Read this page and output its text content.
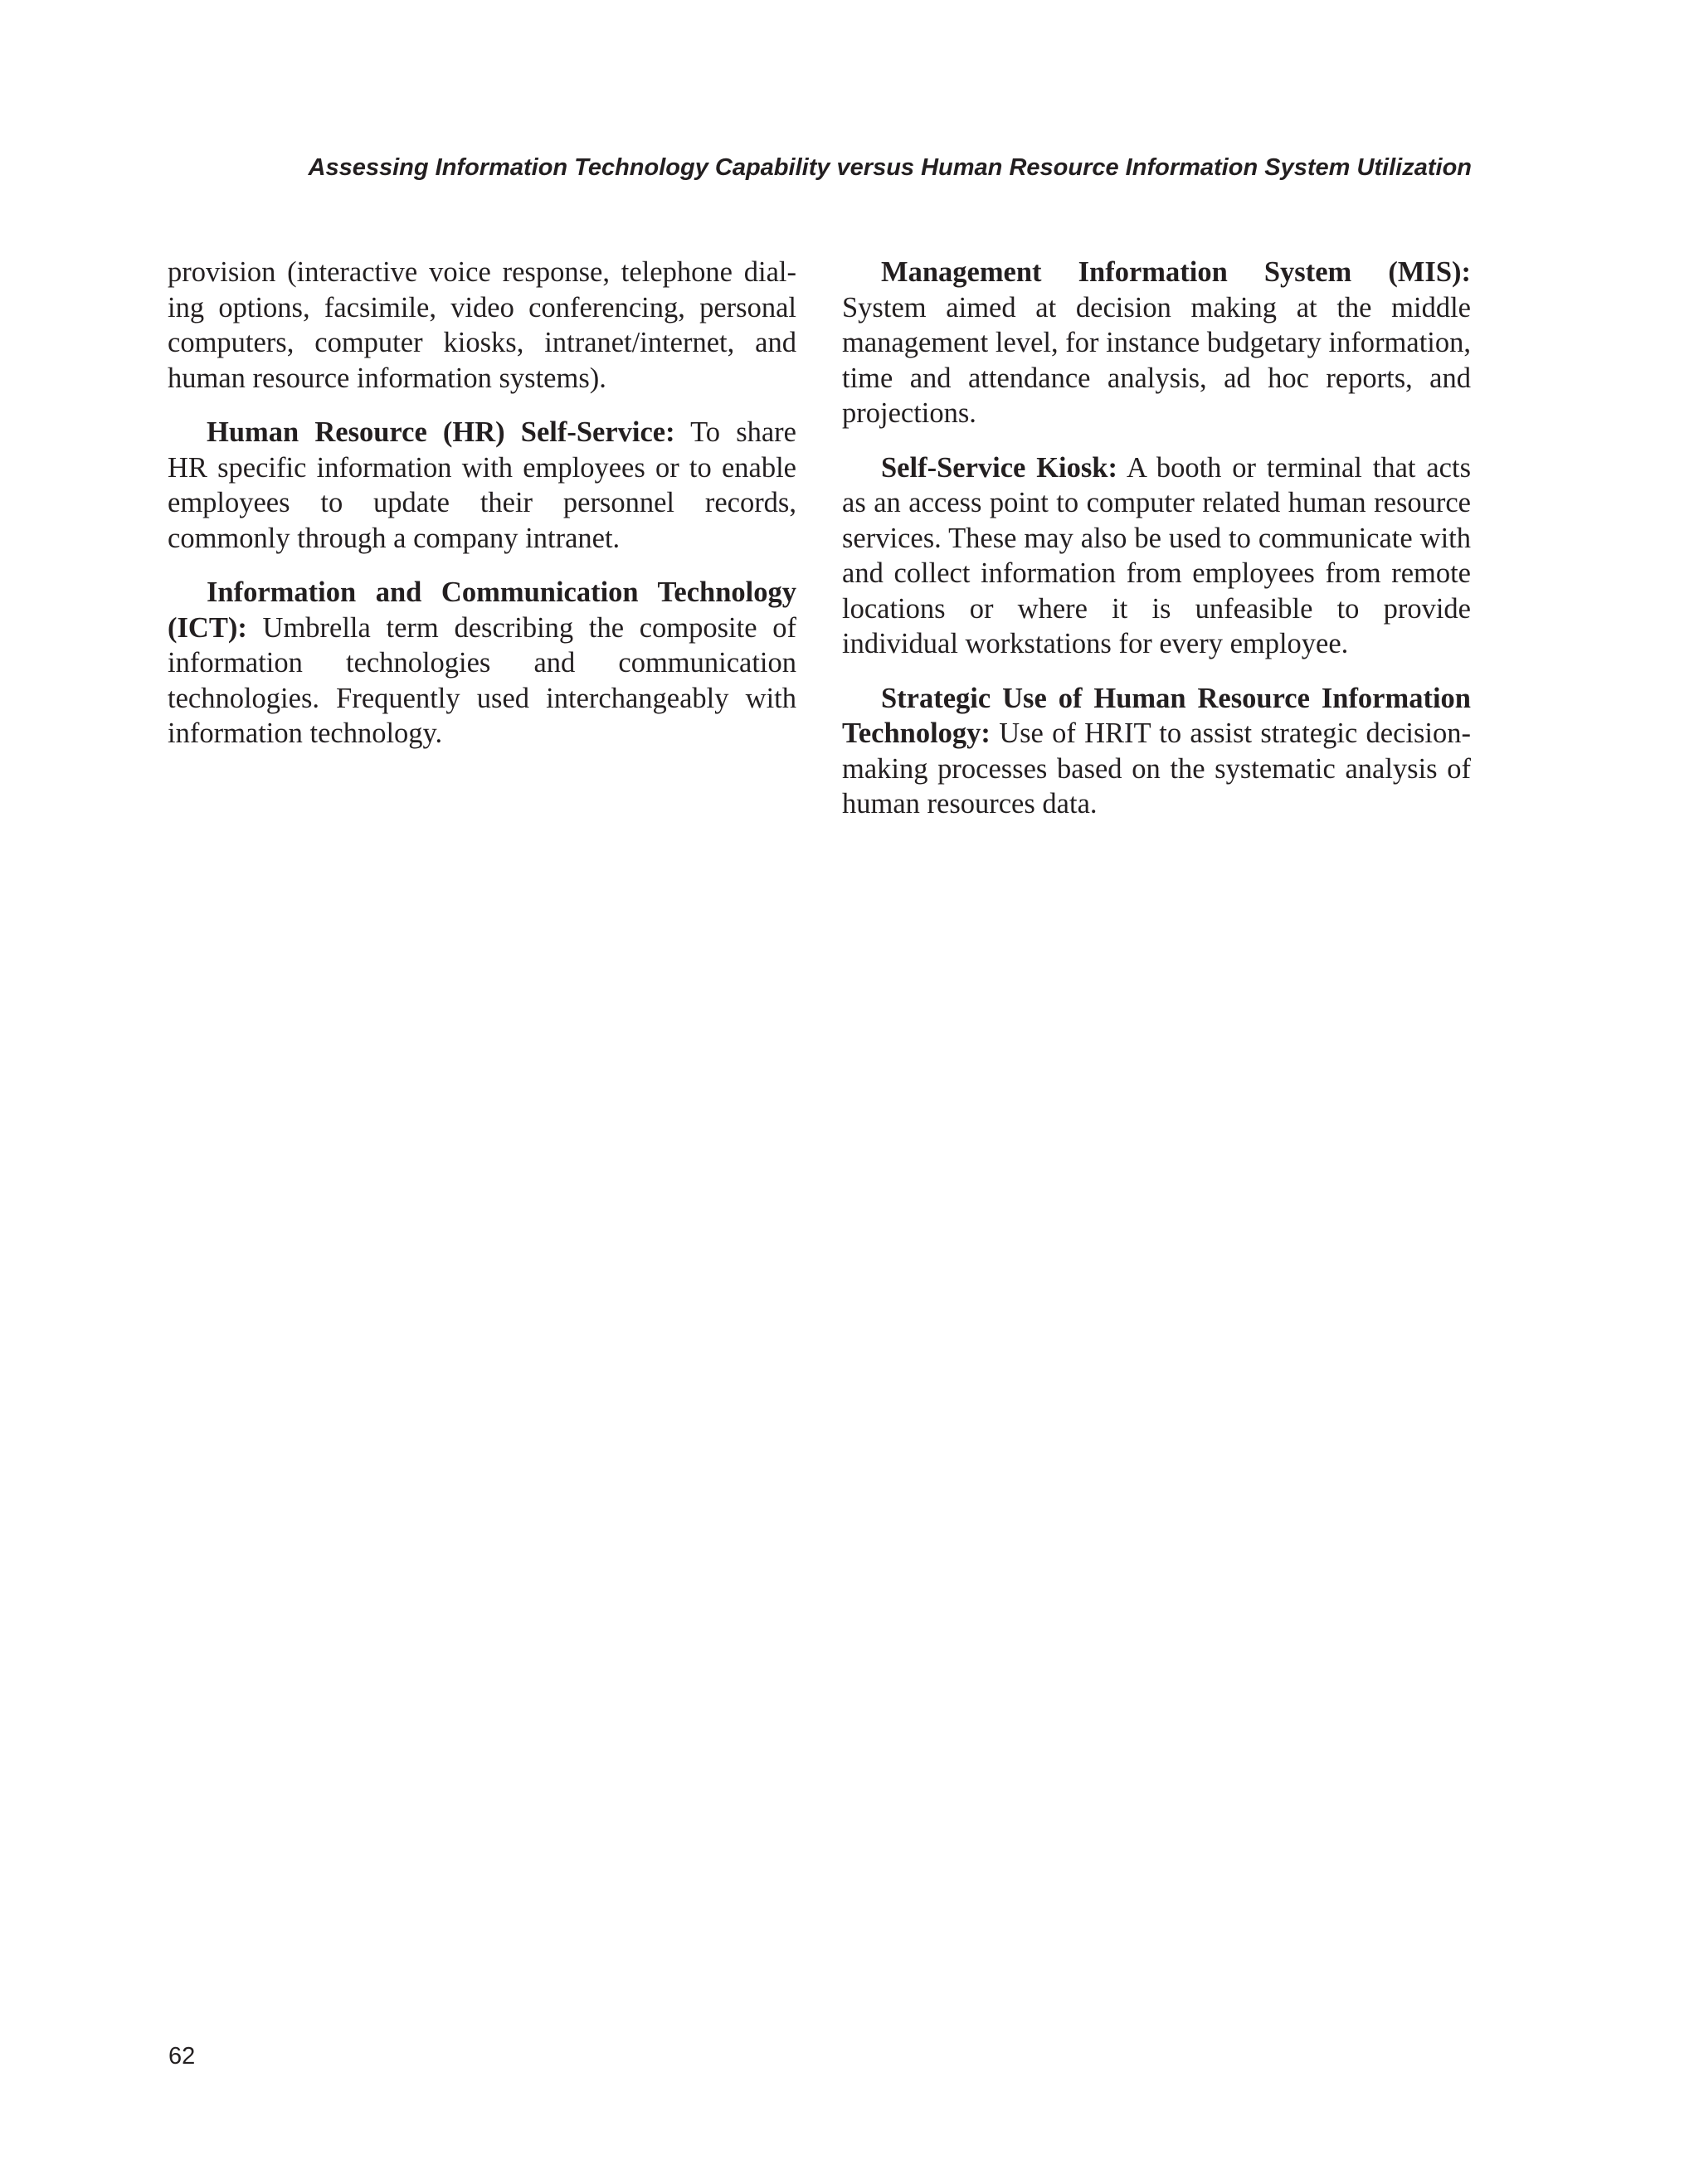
Assessing Information Technology Capability versus Human Resource Information System Utilization

provision (interactive voice response, telephone dialing options, facsimile, video conferencing, personal computers, computer kiosks, intranet/internet, and human resource information systems).

Human Resource (HR) Self-Service: To share HR specific information with employees or to enable employees to update their personnel records, commonly through a company intranet.

Information and Communication Technology (ICT): Umbrella term describing the composite of information technologies and communication technologies. Frequently used interchangeably with information technology.

Management Information System (MIS): System aimed at decision making at the middle management level, for instance budgetary information, time and attendance analysis, ad hoc reports, and projections.

Self-Service Kiosk: A booth or terminal that acts as an access point to computer related human resource services. These may also be used to communicate with and collect information from employees from remote locations or where it is unfeasible to provide individual workstations for every employee.

Strategic Use of Human Resource Information Technology: Use of HRIT to assist strategic decision-making processes based on the systematic analysis of human resources data.

62
